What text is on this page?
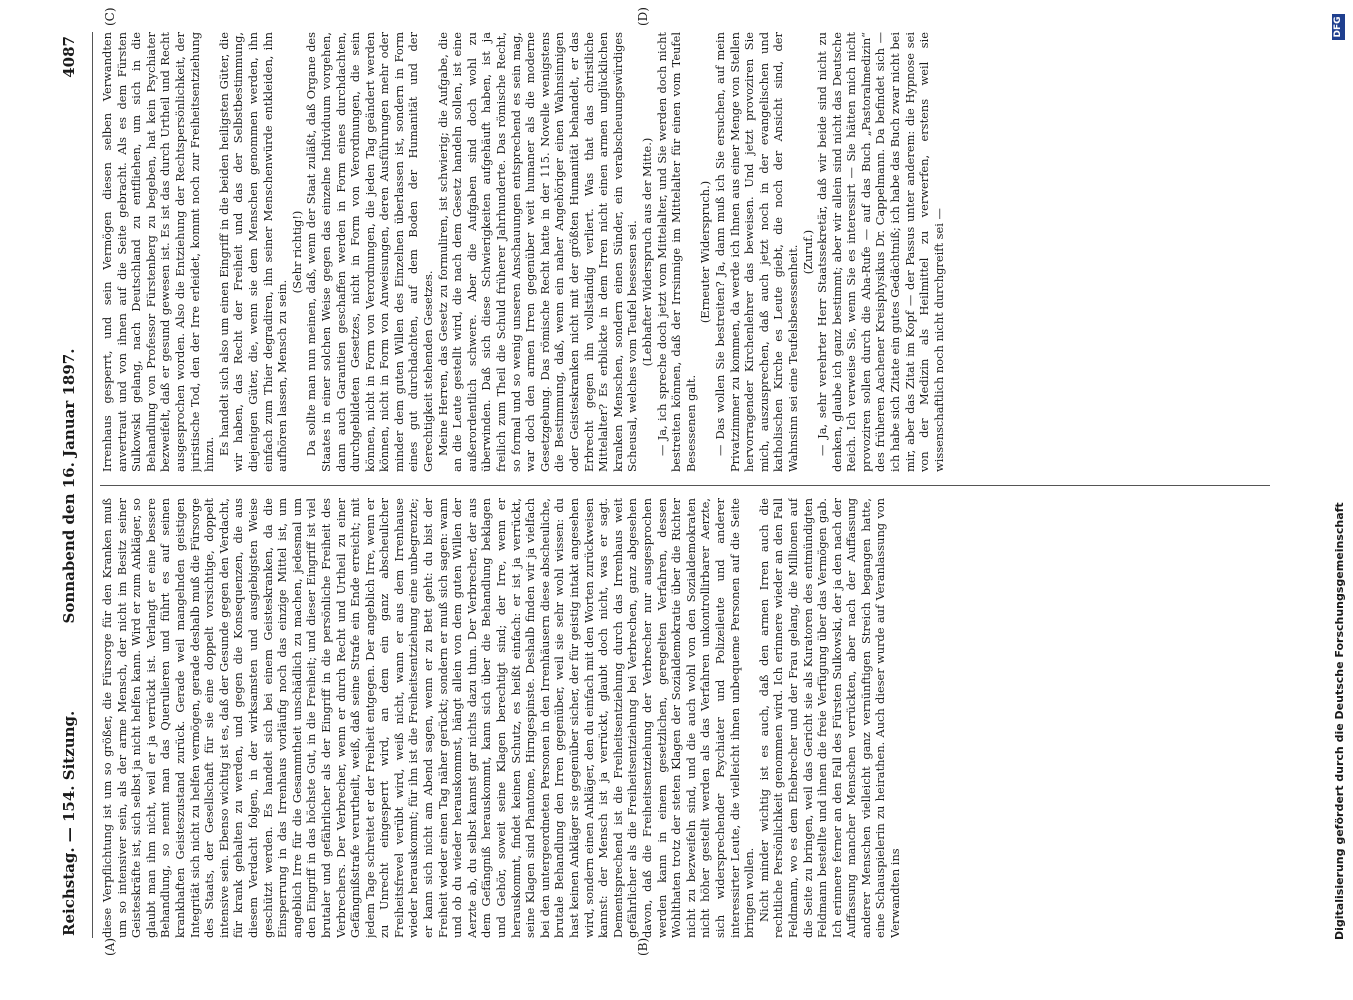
Reichstag. — 154. Sitzung.
Sonnabend den 16. Januar 1897.
4087
(A)	(B)
(C)	(D)

diese Verpflichtung ist um so größer, die Fürsorge für den Kranken muß um so intensiver sein, als der arme Mensch, der nicht im Besitz seiner Geisteskräfte ist, sich selbst ja nicht helfen kann. Wird er zum Ankläger, so glaubt man ihm nicht, weil er ja verrückt ist. Verlangt er eine bessere Behandlung, so nennt man das Querulieren und führt es auf seinen krankhaften Geisteszustand zurück. Gerade weil mangelnden geistigen Integrität sich nicht zu helfen vermögen, gerade deshalb muß die Fürsorge des Staats, der Gesellschaft für sie eine doppelt vorsichtige, doppelt intensive sein. Ebenso wichtig ist es, daß der Gesunde gegen den Verdacht, für krank gehalten zu werden, und gegen die Konsequenzen, die aus diesem Verdacht folgen, in der wirksamsten und ausgiebigsten Weise geschützt werden. Es handelt sich bei einem Geisteskranken, da die Einsperrung in das Irrenhaus vorläufig noch das einzige Mittel ist, um angeblich Irre für die Gesammtheit unschädlich zu machen, jedesmal um den Eingriff in das höchste Gut, in die Freiheit; und dieser Eingriff ist viel brutaler und gefährlicher als der Eingriff in die persönliche Freiheit des Verbrechers. Der Verbrecher, wenn er durch Recht und Urtheil zu einer Gefängnißstrafe verurtheilt, weiß, daß seine Strafe ein Ende erreicht; mit jedem Tage schreitet er der Freiheit entgegen. Der angeblich Irre, wenn er zu Unrecht eingesperrt wird, an dem ein ganz abscheulicher Freiheitsfrevel verübt wird, weiß nicht, wann er aus dem Irrenhause wieder herauskommt; für ihn ist die Freiheitsentziehung eine unbegrenzte; er kann sich nicht am Abend sagen, wenn er zu Bett geht: du bist der Freiheit wieder einen Tag näher gerückt; sondern er muß sich sagen: wann und ob du wieder herauskommst, hängt allein von dem guten Willen der Aerzte ab, du selbst kannst gar nichts dazu thun. Der Verbrecher, der aus dem Gefängniß herauskommt, kann sich über die Behandlung beklagen und Gehör, soweit seine Klagen berechtigt sind; der Irre, wenn er herauskommt, findet keinen Schutz, es heißt einfach: er ist ja verrückt, seine Klagen sind Phantome, Hirngespinste. Deshalb finden wir ja vielfach bei den untergeordneten Personen in den Irrenhäusern diese abscheuliche, brutale Behandlung den Irren gegenüber, weil sie sehr wohl wissen: du hast keinen Ankläger sie gegenüber sicher, der für geistig intakt angesehen wird, sondern einen Ankläger, den du einfach mit den Worten zurückweisen kannst: der Mensch ist ja verrückt, glaubt doch nicht, was er sagt. Dementsprechend ist die Freiheitsentziehung durch das Irrenhaus weit gefährlicher als die Freiheitsentziehung bei Verbrechen, ganz abgesehen davon, daß die Freiheitsentziehung der Verbrecher nur ausgesprochen werden kann in einem gesetzlichen, geregelten Verfahren, dessen Wohlthaten trotz der steten Klagen der Sozialdemokratie über die Richter nicht zu bezweifeln sind, und die auch wohl von den Sozialdemokraten nicht höher gestellt werden als das Verfahren unkontrollirbarer Aerzte, sich widersprechender Psychiater und Polizeileute und anderer interessirter Leute, die vielleicht ihnen unbequeme Personen auf die Seite bringen wollen. Nicht minder wichtig ist es auch, daß den armen Irren auch die rechtliche Persönlichkeit genommen wird. Ich erinnere wieder an den Fall Feldmann, wo es dem Ehebrecher und der Frau gelang, die Millionen auf die Seite zu bringen, weil das Gericht sie als Kuratoren des entmündigten Feldmann bestellte und ihnen die freie Verfügung über das Vermögen gab. Ich erinnere ferner an den Fall des Fürsten Sulkowski, der ja den nach der Auffassung mancher Menschen verrückten, aber nach der Auffassung anderer Menschen vielleicht ganz vernünftigen Streich begangen hatte, eine Schauspielerin zu heirathen. Auch dieser wurde auf Veranlassung von Verwandten ins

Irrenhaus gesperrt, und sein Vermögen diesen selben Verwandten anvertraut und von ihnen auf die Seite gebracht. Als es dem Fürsten Sulkowski gelang, nach Deutschland zu entfliehen, um sich in die Behandlung von Professor Fürstenberg zu begeben, hat kein Psychiater bezweifelt, daß er gesund gewesen ist. Es ist das durch Urtheil und Recht ausgesprochen worden. Also die Entziehung der Rechtspersönlichkeit, der juristische Tod, den der Irre erleidet, kommt noch zur Freiheitsentziehung hinzu. Es handelt sich also um einen Eingriff in die beiden heiligsten Güter, die wir haben, das Recht der Freiheit und das der Selbstbestimmung, diejenigen Güter, die, wenn sie dem Menschen genommen werden, ihn einfach zum Thier degradiren, ihn seiner Menschenwürde entkleiden, ihn aufhören lassen, Mensch zu sein.

(Sehr richtig!) Da sollte man nun meinen, daß, wenn der Staat zuläßt, daß Organe des Staates in einer solchen Weise gegen das einzelne Individuum vorgehen, dann auch Garantien geschaffen werden in Form eines durchdachten, durchgebildeten Gesetzes, nicht in Form von Verordnungen, die sein können, nicht in Form von Verordnungen, die jeden Tag geändert werden können, nicht in Form von Anweisungen, deren Ausführungen mehr oder minder dem guten Willen des Einzelnen überlassen ist, sondern in Form eines gut durchdachten, auf dem Boden der Humanität und der Gerechtigkeit stehenden Gesetzes. Meine Herren, das Gesetz zu formuliren, ist schwierig; die Aufgabe, die an die Leute gestellt wird, die nach dem Gesetz handeln sollen, ist eine außerordentlich schwere. Aber die Aufgaben sind doch wohl zu überwinden. Daß sich diese Schwierigkeiten aufgehäuft haben, ist ja freilich zum Theil die Schuld früherer Jahrhunderte. Das römische Recht, so formal und so wenig unseren Anschauungen entsprechend es sein mag, war doch den armen Irren gegenüber weit humaner als die moderne Gesetzgebung. Das römische Recht hatte in der 115. Novelle wenigstens die Bestimmung, daß, wenn ein naher Angehöriger einen Wahnsinnigen oder Geisteskranken nicht mit der größten Humanität behandelt, er das Erbrecht gegen ihn vollständig verliert. Was that das christliche Mittelalter? Es erblickte in dem Irren nicht einen armen unglücklichen kranken Menschen, sondern einen Sünder, ein verabscheuungswürdiges Scheusal, welches vom Teufel besessen sei. (Lebhafter Widerspruch aus der Mitte.) — Ja, ich spreche doch jetzt vom Mittelalter, und Sie werden doch nicht bestreiten können, daß der Irrsinnige im Mittelalter für einen vom Teufel Besessenen galt.

(Erneuter Widerspruch.) — Das wollen Sie bestreiten? Ja, dann muß ich Sie ersuchen, auf mein Privatzimmer zu kommen, da werde ich Ihnen aus einer Menge von Stellen hervorragender Kirchenlehrer das beweisen. Und jetzt provoziren Sie mich, auszusprechen, daß auch jetzt noch in der evangelischen und katholischen Kirche es Leute giebt, die noch der Ansicht sind, der Wahnsinn sei eine Teufelsbesessenheit. (Zuruf.) — Ja, sehr verehrter Herr Staatssekretär, daß wir beide sind nicht zu denken, glaube ich ganz bestimmt; aber wir allein sind nicht das Deutsche Reich. Ich verweise Sie, wenn Sie es interessirt — Sie hätten mich nicht provoziren sollen durch die Aha-Rufe — auf das Buch „Pastoralmedizin“ des früheren Aachener Kreisphysikus Dr. Cappelmann. Da befindet sich — ich habe sich Zitate ein gutes Gedächtniß; ich habe das Buch zwar nicht bei mir, aber das Zitat im Kopf — der Passus unter anderem: die Hypnose sei von der Medizin als Heilmittel zu verwerfen, erstens weil sie wissenschaftlich noch nicht durchgreift sei —

Digitalisierung gefördert durch die Deutsche Forschungsgemeinschaft
DFG
